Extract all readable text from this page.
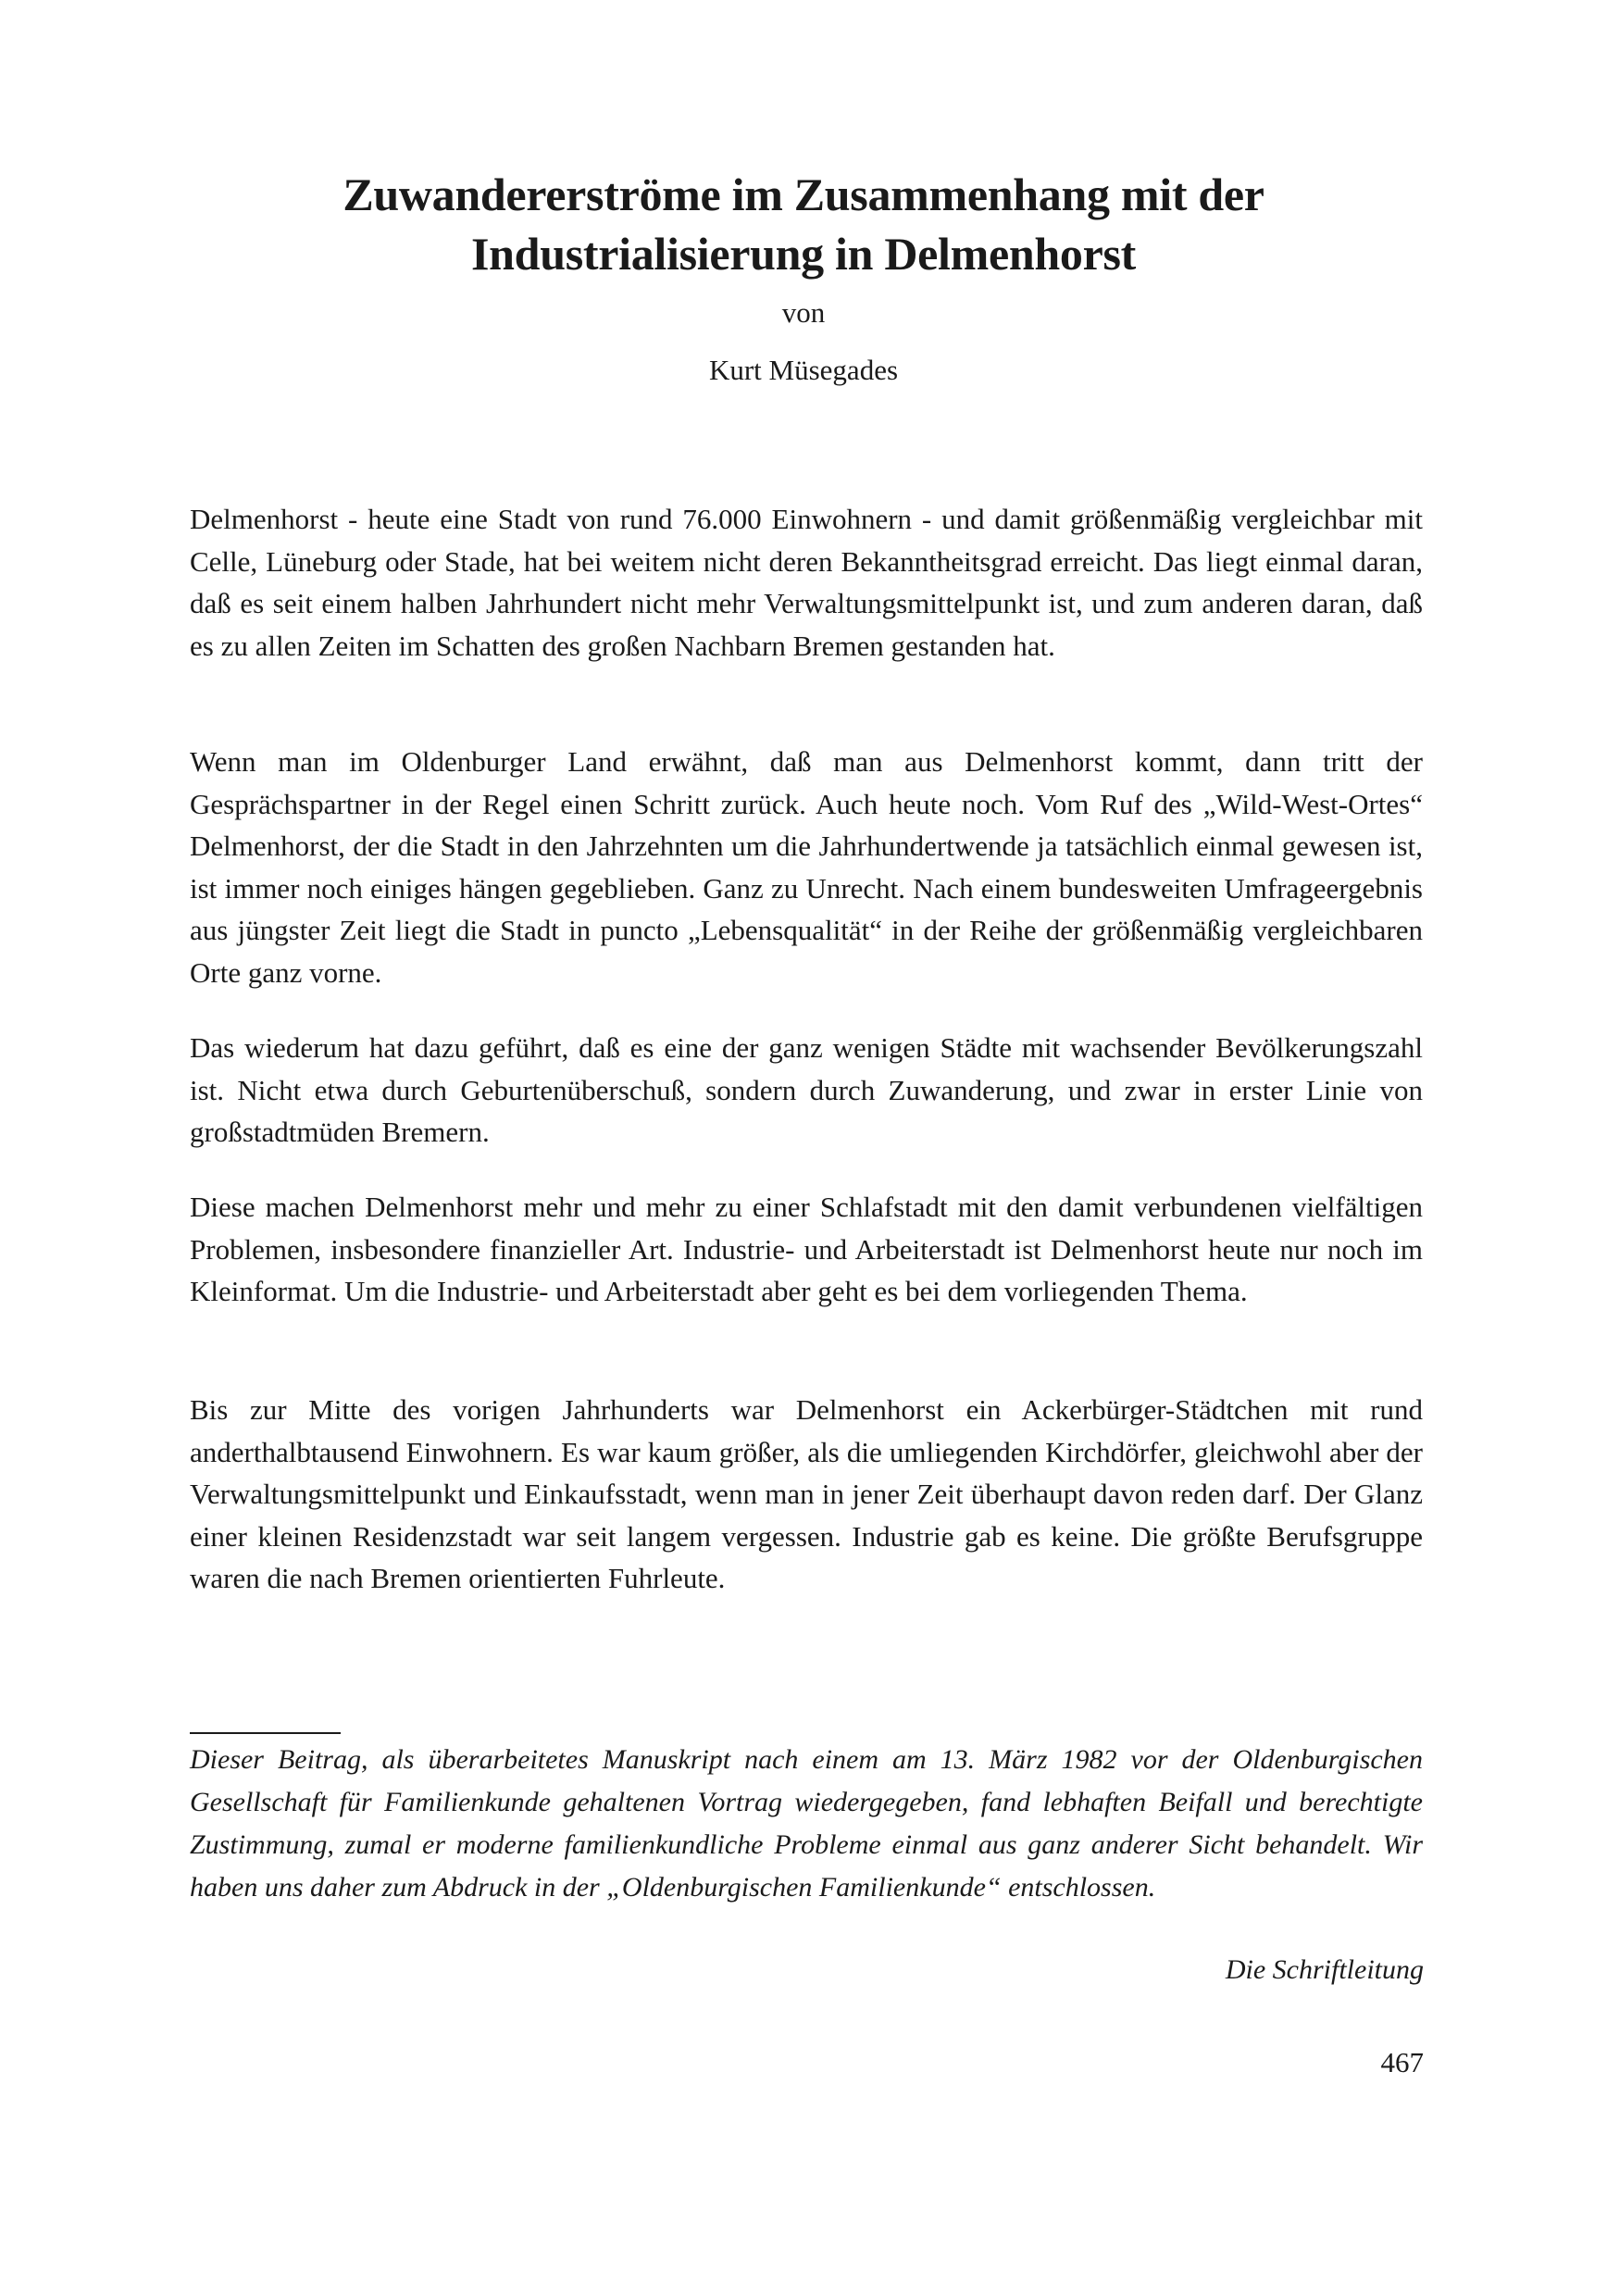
Zuwandererströme im Zusammenhang mit der
Industrialisierung in Delmenhorst
von
Kurt Müsegades

Delmenhorst - heute eine Stadt von rund 76.000 Einwohnern - und damit größenmäßig vergleichbar mit Celle, Lüneburg oder Stade, hat bei weitem nicht deren Bekanntheitsgrad erreicht. Das liegt einmal daran, daß es seit einem halben Jahrhundert nicht mehr Verwaltungsmittelpunkt ist, und zum anderen daran, daß es zu allen Zeiten im Schatten des großen Nachbarn Bremen gestanden hat.

Wenn man im Oldenburger Land erwähnt, daß man aus Delmenhorst kommt, dann tritt der Gesprächspartner in der Regel einen Schritt zurück. Auch heute noch. Vom Ruf des „Wild-West-Ortes“ Delmenhorst, der die Stadt in den Jahrzehnten um die Jahrhundertwende ja tatsächlich einmal gewesen ist, ist immer noch einiges hängen gegeblieben. Ganz zu Unrecht. Nach einem bundesweiten Umfrageergebnis aus jüngster Zeit liegt die Stadt in puncto „Lebensqualität“ in der Reihe der größenmäßig vergleichbaren Orte ganz vorne.

Das wiederum hat dazu geführt, daß es eine der ganz wenigen Städte mit wachsender Bevölkerungszahl ist. Nicht etwa durch Geburtenüberschuß, sondern durch Zuwanderung, und zwar in erster Linie von großstadtmüden Bremern.

Diese machen Delmenhorst mehr und mehr zu einer Schlafstadt mit den damit verbundenen vielfältigen Problemen, insbesondere finanzieller Art. Industrie- und Arbeiterstadt ist Delmenhorst heute nur noch im Kleinformat. Um die Industrie- und Arbeiterstadt aber geht es bei dem vorliegenden Thema.

Bis zur Mitte des vorigen Jahrhunderts war Delmenhorst ein Ackerbürger-Städtchen mit rund anderthalbtausend Einwohnern. Es war kaum größer, als die umliegenden Kirchdörfer, gleichwohl aber der Verwaltungsmittelpunkt und Einkaufsstadt, wenn man in jener Zeit überhaupt davon reden darf. Der Glanz einer kleinen Residenzstadt war seit langem vergessen. Industrie gab es keine. Die größte Berufsgruppe waren die nach Bremen orientierten Fuhrleute.

Dieser Beitrag, als überarbeitetes Manuskript nach einem am 13. März 1982 vor der Oldenburgischen Gesellschaft für Familienkunde gehaltenen Vortrag wiedergegeben, fand lebhaften Beifall und berechtigte Zustimmung, zumal er moderne familienkundliche Probleme einmal aus ganz anderer Sicht behandelt. Wir haben uns daher zum Abdruck in der „Oldenburgischen Familienkunde“ entschlossen.

Die Schriftleitung
467
